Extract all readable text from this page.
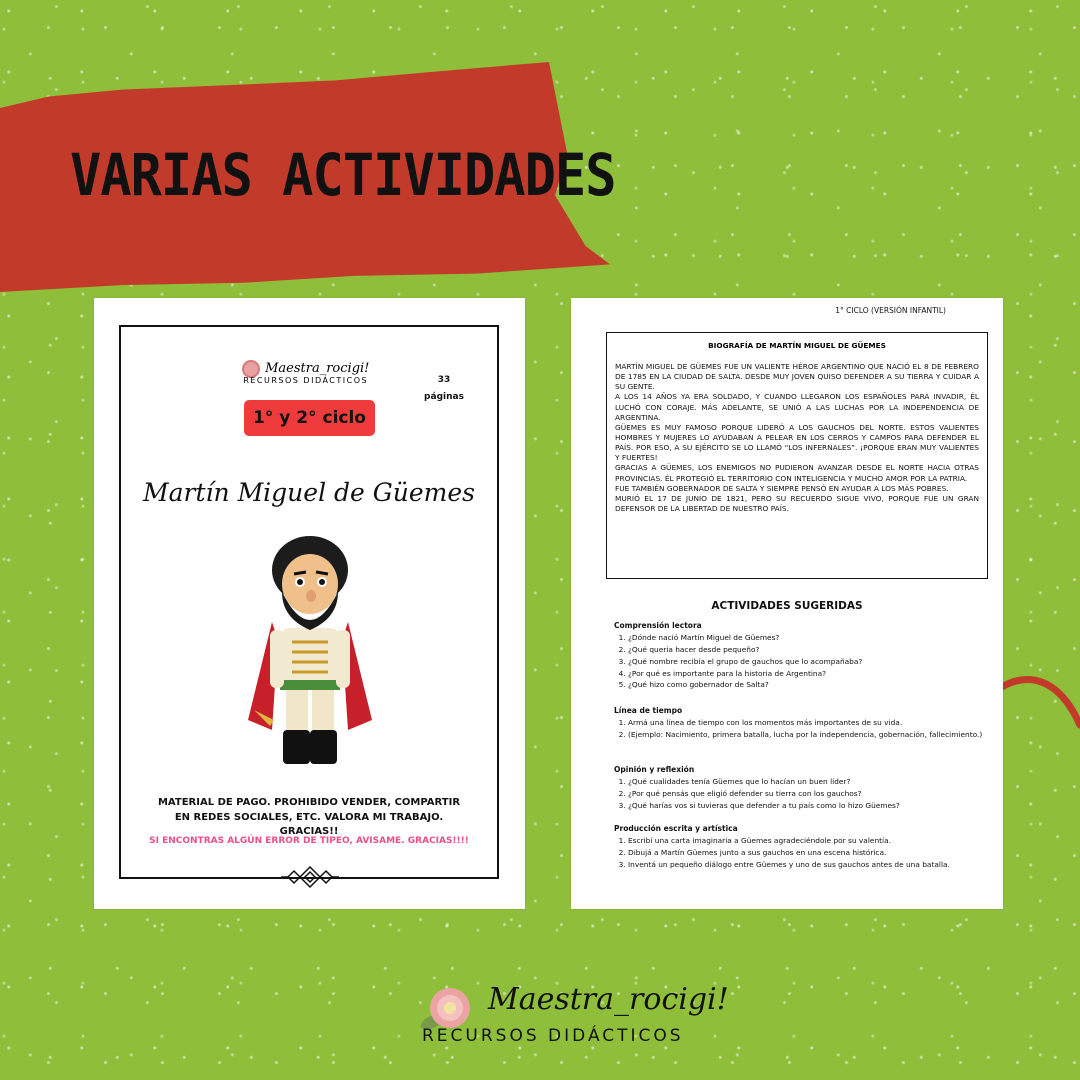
VARIAS ACTIVIDADES
Maestra_rocigi!
RECURSOS DIDÁCTICOS	33
páginas
1° y 2° ciclo
Martín Miguel de Güemes
MATERIAL DE PAGO. PROHIBIDO VENDER, COMPARTIR EN REDES SOCIALES, ETC. VALORA MI TRABAJO. GRACIAS!!
SI ENCONTRAS ALGÚN ERROR DE TIPEO, AVISAME. GRACIAS!!!!
1° CICLO (VERSIÓN INFANTIL)
BIOGRAFÍA DE MARTÍN MIGUEL DE GÜEMES

MARTÍN MIGUEL DE GÜEMES FUE UN VALIENTE HÉROE ARGENTINO QUE NACIÓ EL 8 DE FEBRERO DE 1785 EN LA CIUDAD DE SALTA. DESDE MUY JOVEN QUISO DEFENDER A SU TIERRA Y CUIDAR A SU GENTE.

A LOS 14 AÑOS YA ERA SOLDADO, Y CUANDO LLEGARON LOS ESPAÑOLES PARA INVADIR, ÉL LUCHÓ CON CORAJE. MÁS ADELANTE, SE UNIÓ A LAS LUCHAS POR LA INDEPENDENCIA DE ARGENTINA.

GÜEMES ES MUY FAMOSO PORQUE LIDERÓ A LOS GAUCHOS DEL NORTE. ESTOS VALIENTES HOMBRES Y MUJERES LO AYUDABAN A PELEAR EN LOS CERROS Y CAMPOS PARA DEFENDER EL PAÍS. POR ESO, A SU EJÉRCITO SE LO LLAMÓ “LOS INFERNALES”. ¡PORQUE ERAN MUY VALIENTES Y FUERTES!

GRACIAS A GÜEMES, LOS ENEMIGOS NO PUDIERON AVANZAR DESDE EL NORTE HACIA OTRAS PROVINCIAS. ÉL PROTEGIÓ EL TERRITORIO CON INTELIGENCIA Y MUCHO AMOR POR LA PATRIA.

FUE TAMBIÉN GOBERNADOR DE SALTA Y SIEMPRE PENSÓ EN AYUDAR A LOS MÁS POBRES.

MURIÓ EL 17 DE JUNIO DE 1821, PERO SU RECUERDO SIGUE VIVO, PORQUE FUE UN GRAN DEFENSOR DE LA LIBERTAD DE NUESTRO PAÍS.

ACTIVIDADES SUGERIDAS
Comprensión lectora
1. ¿Dónde nació Martín Miguel de Güemes?
2. ¿Qué quería hacer desde pequeño?
3. ¿Qué nombre recibía el grupo de gauchos que lo acompañaba?
4. ¿Por qué es importante para la historia de Argentina?
5. ¿Qué hizo como gobernador de Salta?
Línea de tiempo
1. Armá una línea de tiempo con los momentos más importantes de su vida.
2. (Ejemplo: Nacimiento, primera batalla, lucha por la independencia, gobernación, fallecimiento.)
Opinión y reflexión
1. ¿Qué cualidades tenía Güemes que lo hacían un buen líder?
2. ¿Por qué pensás que eligió defender su tierra con los gauchos?
3. ¿Qué harías vos si tuvieras que defender a tu país como lo hizo Güemes?
Producción escrita y artística
1. Escribí una carta imaginaria a Güemes agradeciéndole por su valentía.
2. Dibujá a Martín Güemes junto a sus gauchos en una escena histórica.
3. Inventá un pequeño diálogo entre Güemes y uno de sus gauchos antes de una batalla.
Maestra_rocigi!
RECURSOS DIDÁCTICOS
